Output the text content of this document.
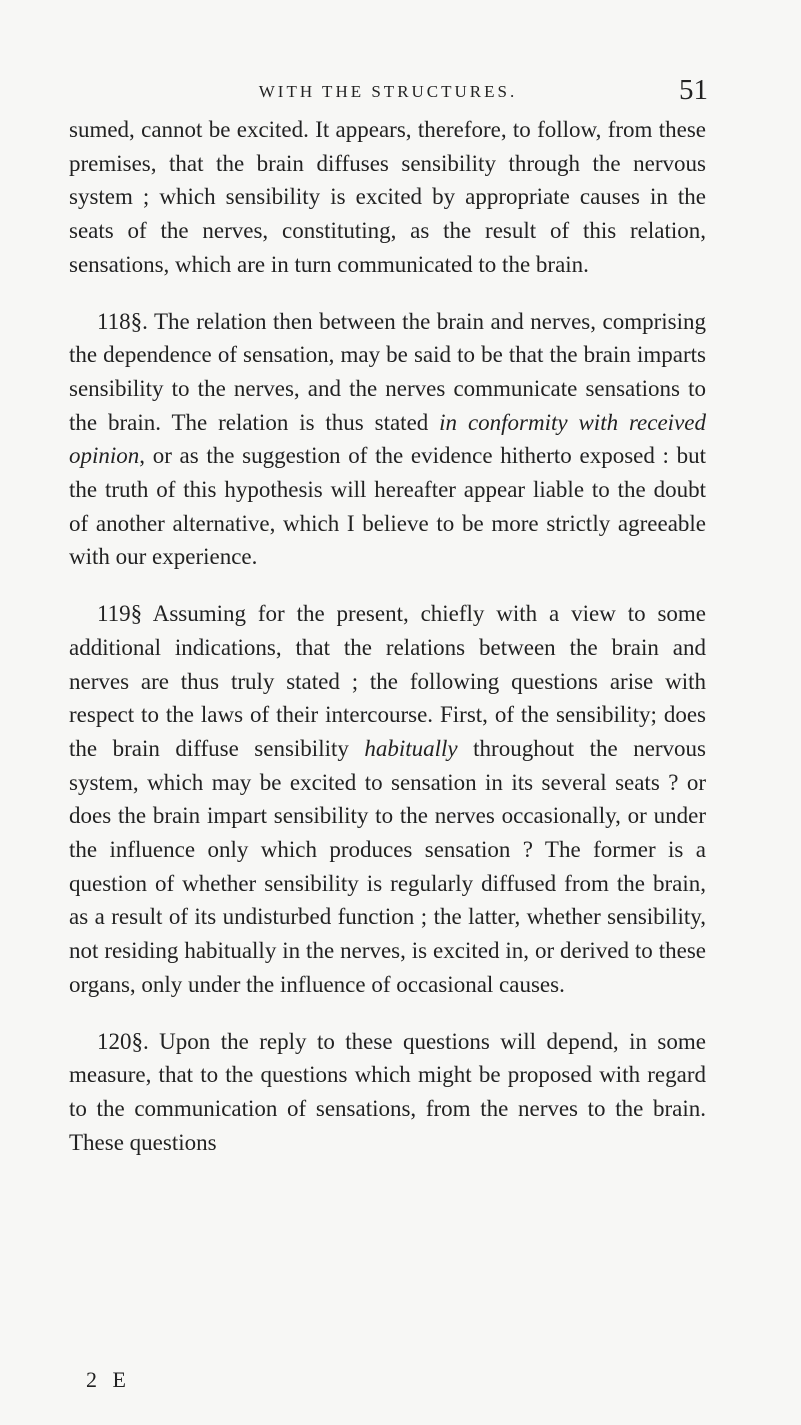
WITH THE STRUCTURES.	51

sumed, cannot be excited. It appears, therefore, to follow, from these premises, that the brain diffuses sensibility through the nervous system ; which sensibility is excited by appropriate causes in the seats of the nerves, constituting, as the result of this relation, sensations, which are in turn communicated to the brain.

118§. The relation then between the brain and nerves, comprising the dependence of sensation, may be said to be that the brain imparts sensibility to the nerves, and the nerves communicate sensations to the brain. The relation is thus stated in conformity with received opinion, or as the suggestion of the evidence hitherto exposed : but the truth of this hypothesis will hereafter appear liable to the doubt of another alternative, which I believe to be more strictly agreeable with our experience.

119§ Assuming for the present, chiefly with a view to some additional indications, that the relations between the brain and nerves are thus truly stated ; the following questions arise with respect to the laws of their intercourse. First, of the sensibility; does the brain diffuse sensibility habitually throughout the nervous system, which may be excited to sensation in its several seats ? or does the brain impart sensibility to the nerves occasionally, or under the influence only which produces sensation ? The former is a question of whether sensibility is regularly diffused from the brain, as a result of its undisturbed function ; the latter, whether sensibility, not residing habitually in the nerves, is excited in, or derived to these organs, only under the influence of occasional causes.

120§. Upon the reply to these questions will depend, in some measure, that to the questions which might be proposed with regard to the communication of sensations, from the nerves to the brain. These questions

2 E
